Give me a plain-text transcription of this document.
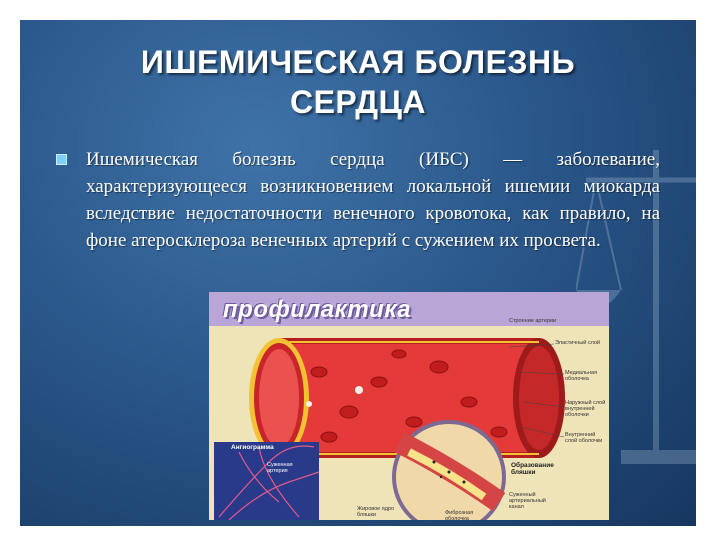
ИШЕМИЧЕСКАЯ БОЛЕЗНЬ
СЕРДЦА
Ишемическая болезнь сердца (ИБС) — заболевание, характеризующееся возникновением локальной ишемии миокарда вследствие недостаточности венечного кровотока, как правило, на фоне атеросклероза венечных артерий с сужением их просвета.
профилактика	Строение артерии
Эластичный слой
Медиальная оболочка
Наружный слой внутренней оболочки
Внутренний слой оболочки
Ангиограмма
Суженная артерия
Образование бляшки
Жировое ядро бляшки
Суженный артериальный канал
Фиброзная оболочка
